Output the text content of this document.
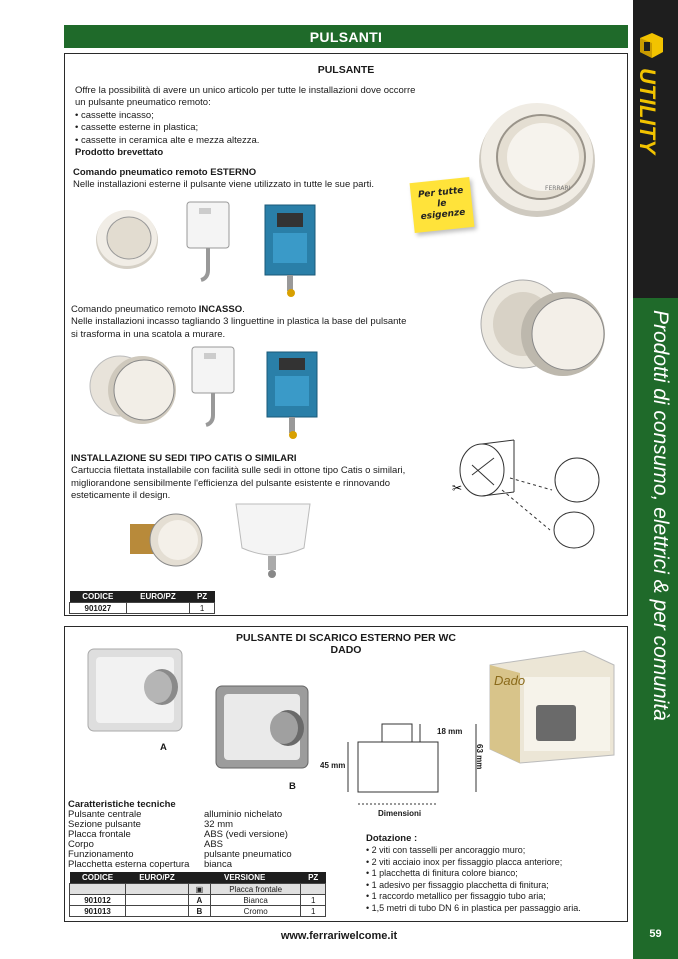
UTILITY
Prodotti di consumo, elettrici & per comunità
59
PULSANTI
PULSANTE
Offre la possibilità di avere un unico articolo per tutte le installazioni dove occorre
un pulsante pneumatico remoto:
• cassette incasso;
• cassette esterne in plastica;
• cassette in ceramica alte e mezza altezza.
Prodotto brevettato
FERRARI
Comando pneumatico remoto ESTERNO
Nelle installazioni esterne il pulsante viene utilizzato in tutte le sue parti.
Per tutte
le esigenze
Comando pneumatico remoto INCASSO.
Nelle installazioni incasso tagliando 3 linguettine in plastica la base del pulsante
si trasforma in una scatola a murare.
INSTALLAZIONE SU SEDI TIPO CATIS O SIMILARI
Cartuccia filettata installabile con facilità sulle sedi in ottone tipo Catis o similari,
migliorandone sensibilmente l'efficienza del pulsante esistente e rinnovando
esteticamente il design.
✂
CODICE	EURO/PZ	PZ
901027		1
PULSANTE DI SCARICO ESTERNO PER WC
DADO
A
B
18 mm
45 mm	63 mm
Dimensioni
Dado
Caratteristiche tecniche
Pulsante centrale	alluminio nichelato
Sezione pulsante	32 mm
Placca frontale	ABS (vedi versione)
Corpo	ABS
Funzionamento	pulsante pneumatico
Placchetta esterna copertura	bianca
Dotazione :
• 2 viti con tasselli per ancoraggio muro;
• 2 viti acciaio inox per fissaggio placca anteriore;
• 1 placchetta di finitura colore bianco;
• 1 adesivo per fissaggio placchetta di finitura;
• 1 raccordo metallico per fissaggio tubo aria;
• 1,5 metri di tubo DN 6 in plastica per passaggio aria.
CODICE	EURO/PZ	VERSIONE		PZ
		▣	Placca frontale	
901012		A	Bianca	1
901013		B	Cromo	1
www.ferrariwelcome.it
